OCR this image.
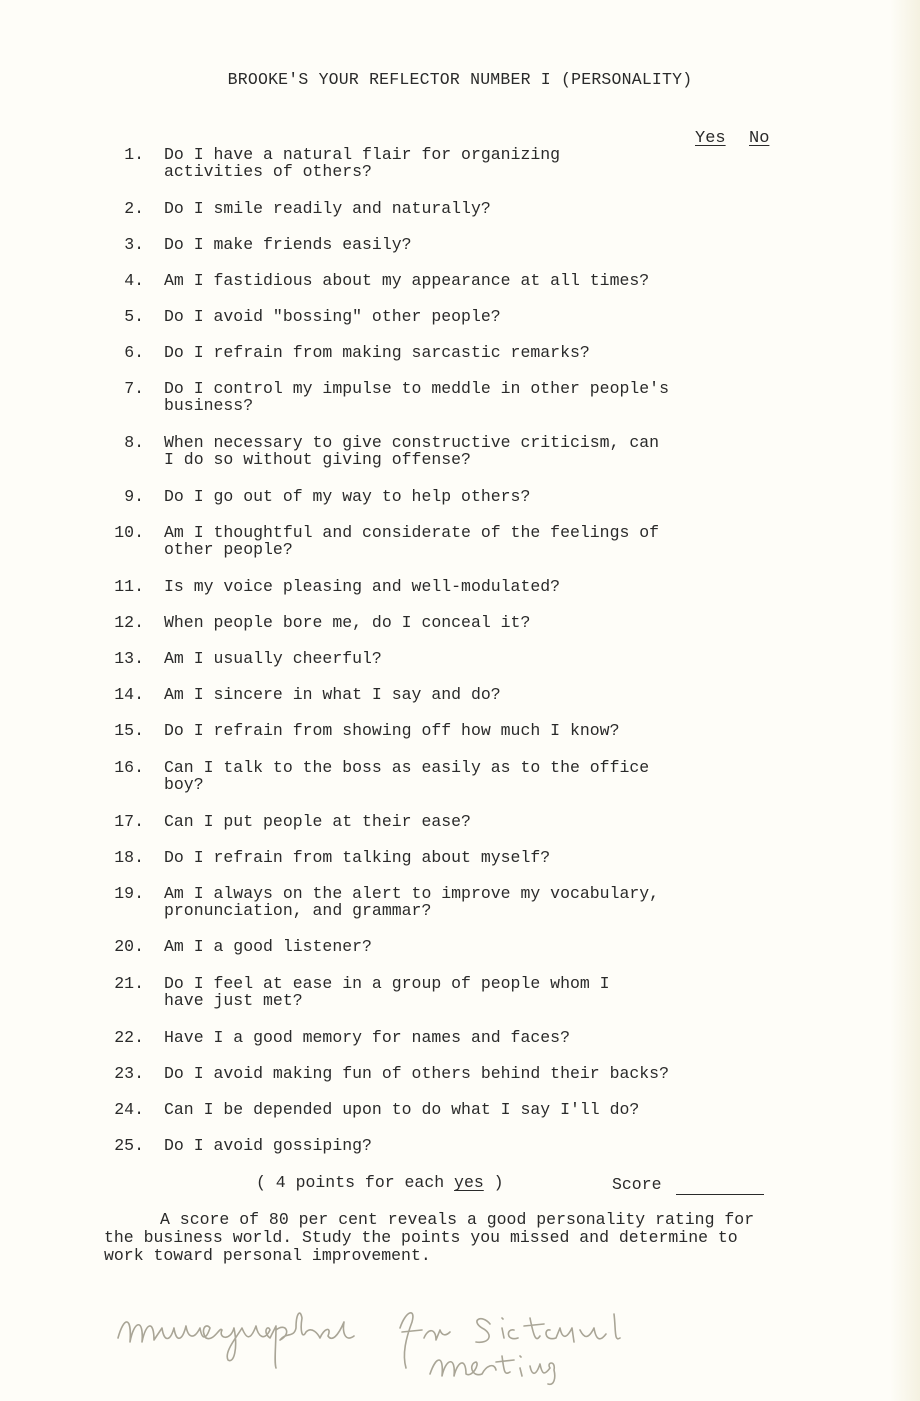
BROOKE'S YOUR REFLECTOR NUMBER I (PERSONALITY)
Yes No
1. Do I have a natural flair for organizing
activities of others?
2. Do I smile readily and naturally?
3. Do I make friends easily?
4. Am I fastidious about my appearance at all times?
5. Do I avoid "bossing" other people?
6. Do I refrain from making sarcastic remarks?
7. Do I control my impulse to meddle in other people's
business?
8. When necessary to give constructive criticism, can
I do so without giving offense?
9. Do I go out of my way to help others?
10. Am I thoughtful and considerate of the feelings of
other people?
11. Is my voice pleasing and well-modulated?
12. When people bore me, do I conceal it?
13. Am I usually cheerful?
14. Am I sincere in what I say and do?
15. Do I refrain from showing off how much I know?
16. Can I talk to the boss as easily as to the office
boy?
17. Can I put people at their ease?
18. Do I refrain from talking about myself?
19. Am I always on the alert to improve my vocabulary,
pronunciation, and grammar?
20. Am I a good listener?
21. Do I feel at ease in a group of people whom I
have just met?
22. Have I a good memory for names and faces?
23. Do I avoid making fun of others behind their backs?
24. Can I be depended upon to do what I say I'll do?
25. Do I avoid gossiping?
( 4 points for each yes )	Score

A score of 80 per cent reveals a good personality rating for the business world. Study the points you missed and determine to work toward personal improvement.
